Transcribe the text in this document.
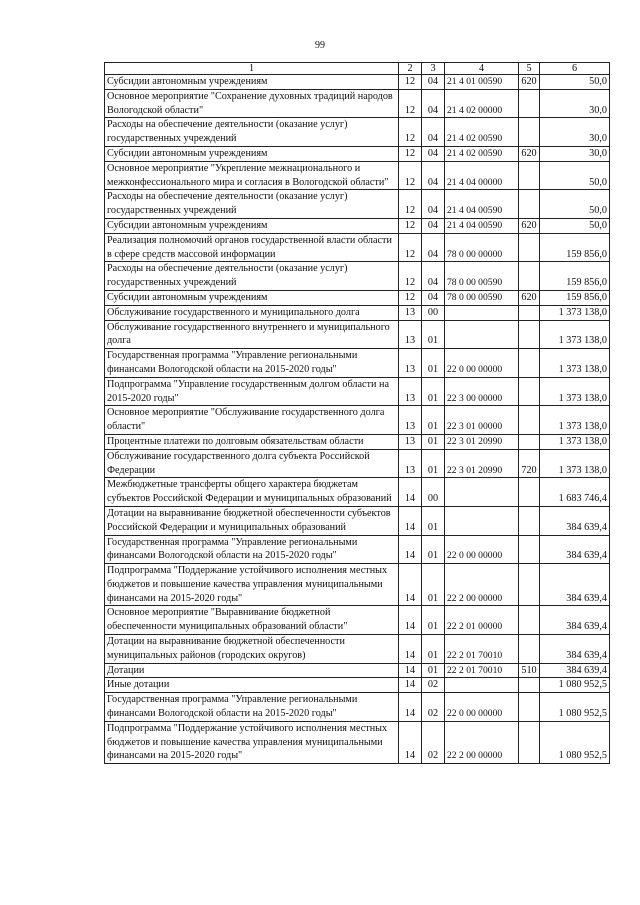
99
1	2	3	4	5	6
Субсидии автономным учреждениям	12	04	21 4 01 00590	620	50,0
Основное мероприятие "Сохранение духовных традиций народов Вологодской области"	12	04	21 4 02 00000		30,0
Расходы на обеспечение деятельности (оказание услуг) государственных учреждений	12	04	21 4 02 00590		30,0
Субсидии автономным учреждениям	12	04	21 4 02 00590	620	30,0
Основное мероприятие "Укрепление межнационального и межконфессионального мира и согласия в Вологодской области"	12	04	21 4 04 00000		50,0
Расходы на обеспечение деятельности (оказание услуг) государственных учреждений	12	04	21 4 04 00590		50,0
Субсидии автономным учреждениям	12	04	21 4 04 00590	620	50,0
Реализация полномочий органов государственной власти области в сфере средств массовой информации	12	04	78 0 00 00000		159 856,0
Расходы на обеспечение деятельности (оказание услуг) государственных учреждений	12	04	78 0 00 00590		159 856,0
Субсидии автономным учреждениям	12	04	78 0 00 00590	620	159 856,0
Обслуживание государственного и муниципального долга	13	00			1 373 138,0
Обслуживание государственного внутреннего и муниципального долга	13	01			1 373 138,0
Государственная программа "Управление региональными финансами Вологодской области на 2015-2020 годы"	13	01	22 0 00 00000		1 373 138,0
Подпрограмма "Управление государственным долгом области на 2015-2020 годы"	13	01	22 3 00 00000		1 373 138,0
Основное мероприятие "Обслуживание государственного долга области"	13	01	22 3 01 00000		1 373 138,0
Процентные платежи по долговым обязательствам области	13	01	22 3 01 20990		1 373 138,0
Обслуживание государственного долга субъекта Российской Федерации	13	01	22 3 01 20990	720	1 373 138,0
Межбюджетные трансферты общего характера бюджетам субъектов Российской Федерации и муниципальных образований	14	00			1 683 746,4
Дотации на выравнивание бюджетной обеспеченности субъектов Российской Федерации и муниципальных образований	14	01			384 639,4
Государственная программа "Управление региональными финансами Вологодской области на 2015-2020 годы"	14	01	22 0 00 00000		384 639,4
Подпрограмма "Поддержание устойчивого исполнения местных бюджетов и повышение качества управления муниципальными финансами на 2015-2020 годы"	14	01	22 2 00 00000		384 639,4
Основное мероприятие "Выравнивание бюджетной обеспеченности муниципальных образований области"	14	01	22 2 01 00000		384 639,4
Дотации на выравнивание бюджетной обеспеченности муниципальных районов (городских округов)	14	01	22 2 01 70010		384 639,4
Дотации	14	01	22 2 01 70010	510	384 639,4
Иные дотации	14	02			1 080 952,5
Государственная программа "Управление региональными финансами Вологодской области на 2015-2020 годы"	14	02	22 0 00 00000		1 080 952,5
Подпрограмма "Поддержание устойчивого исполнения местных бюджетов и повышение качества управления муниципальными финансами на 2015-2020 годы"	14	02	22 2 00 00000		1 080 952,5
